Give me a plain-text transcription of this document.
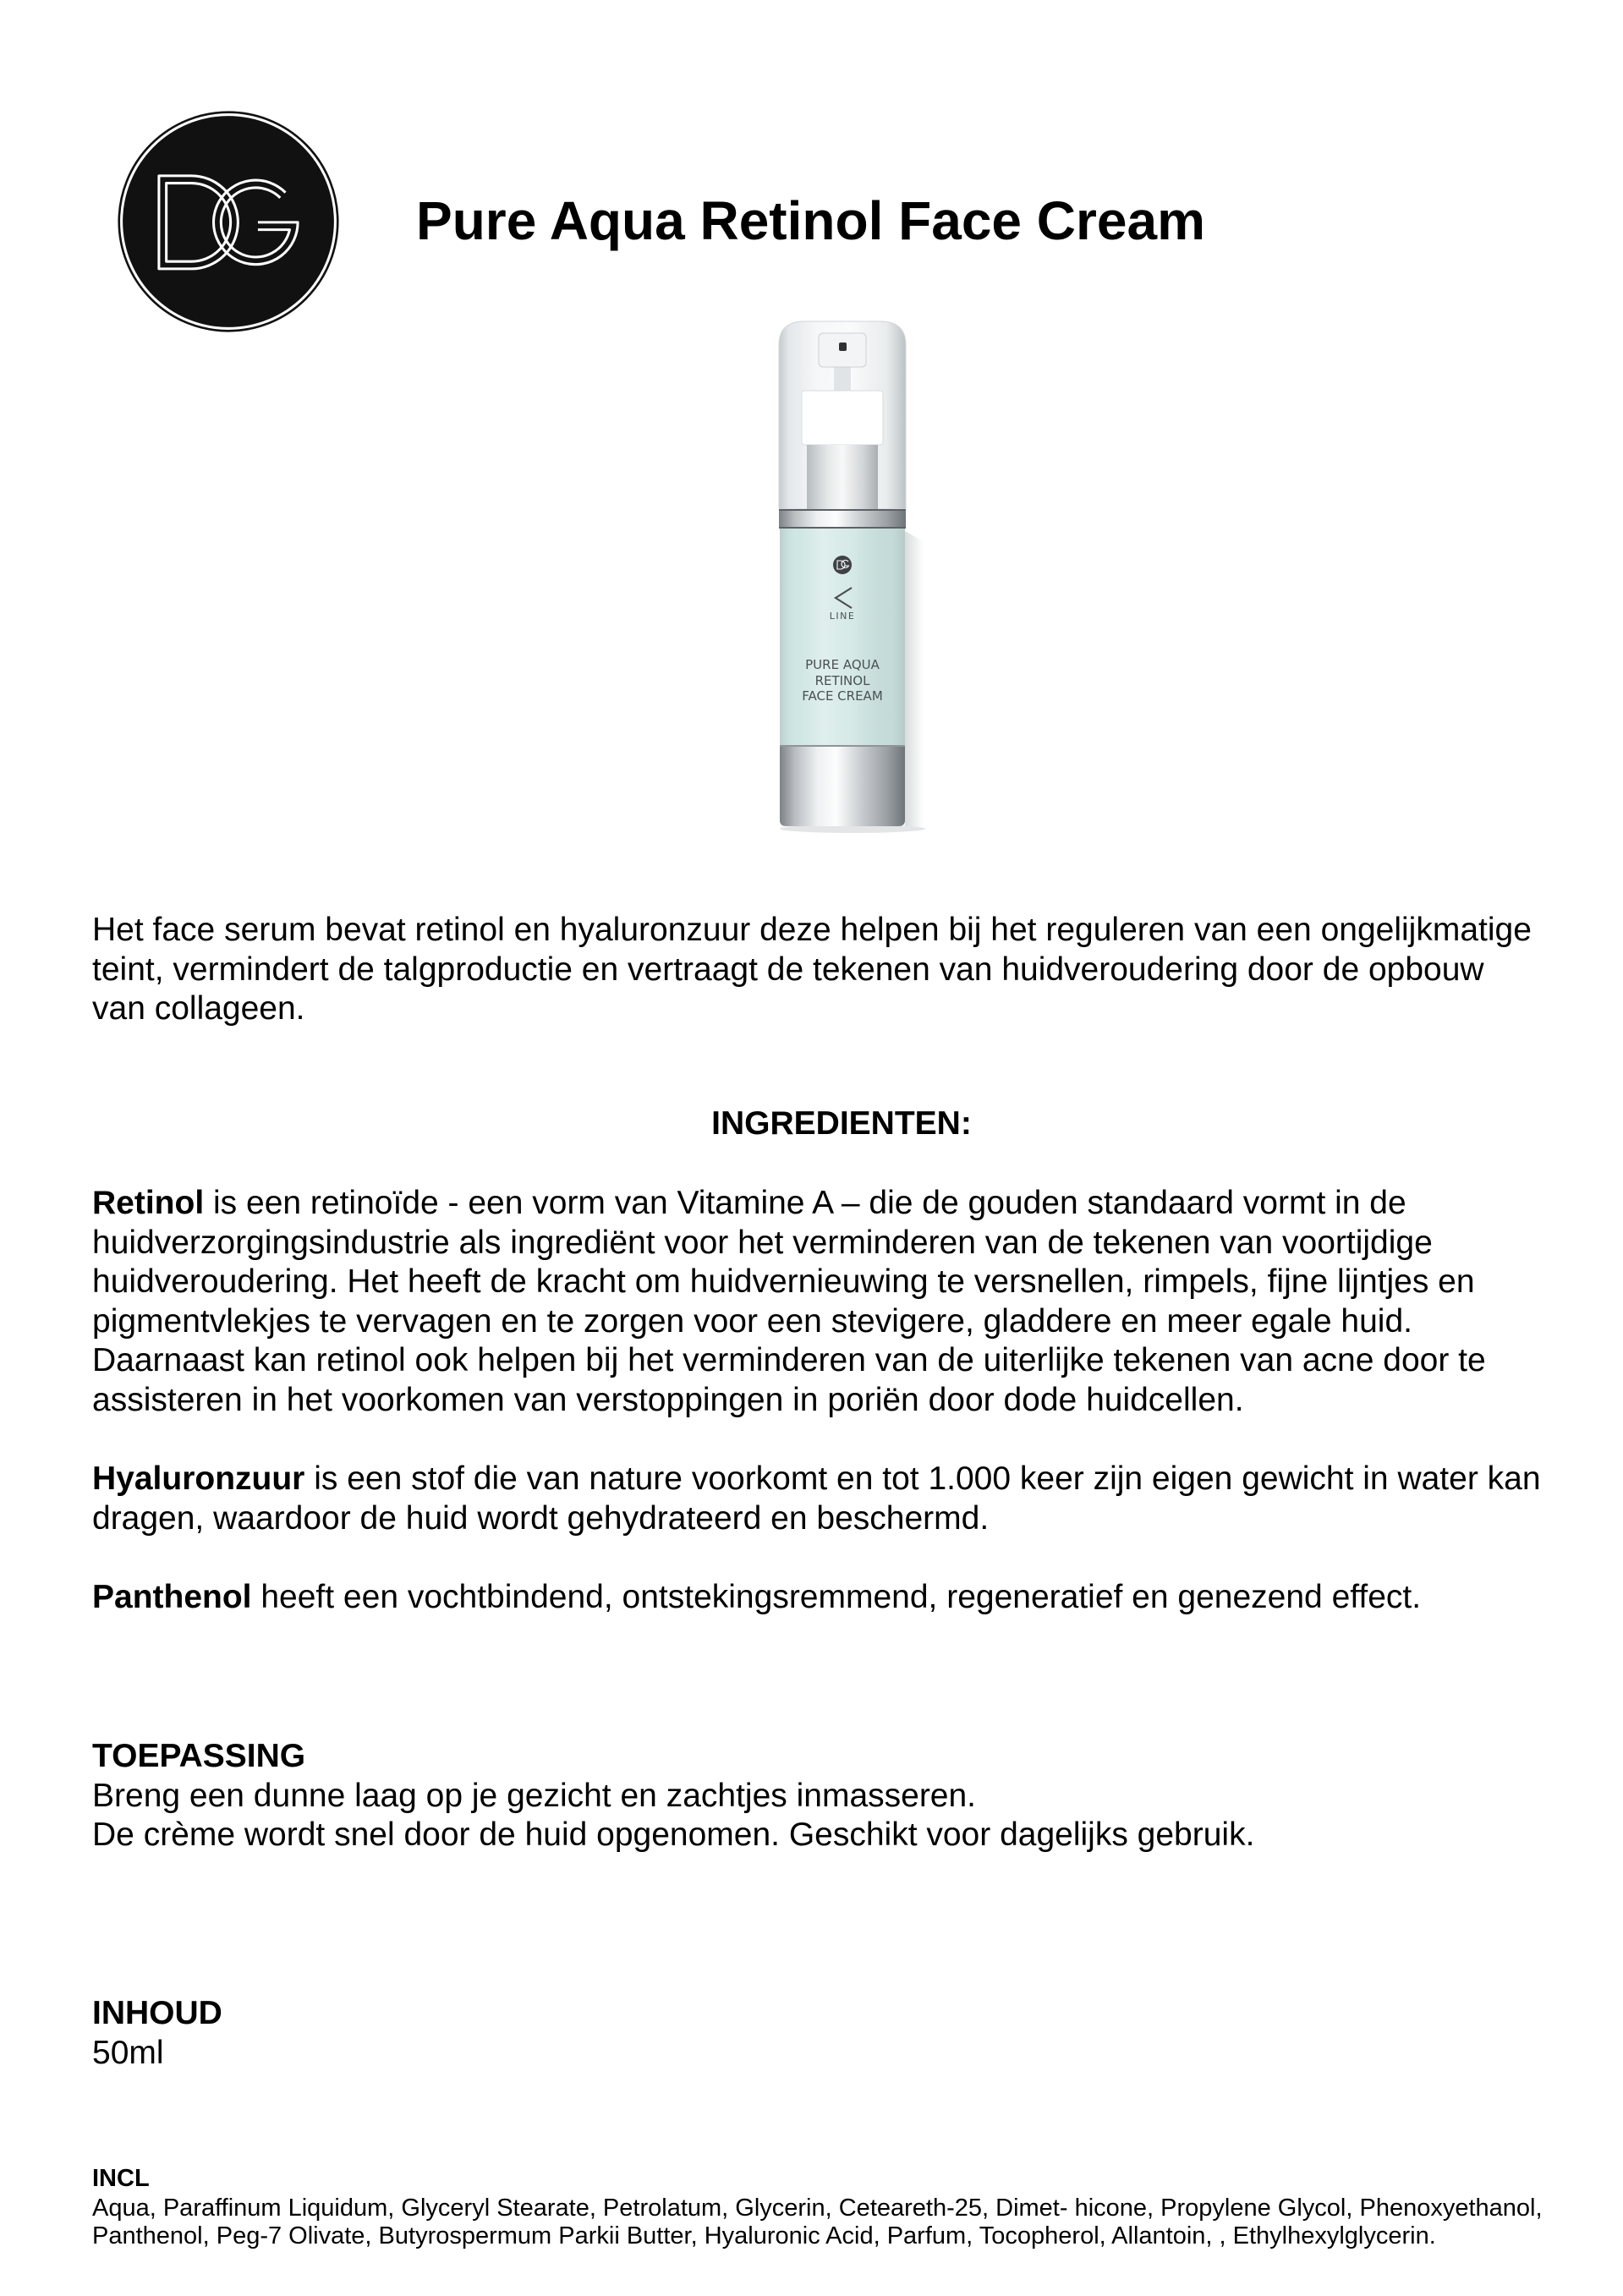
Pure Aqua Retinol Face Cream
LINE
PURE AQUA
RETINOL
FACE CREAM
Het face serum bevat retinol en hyaluronzuur deze helpen bij het reguleren van een ongelijkmatige
teint, vermindert de talgproductie en vertraagt de tekenen van huidveroudering door de opbouw
van collageen.
INGREDIENTEN:
Retinol is een retinoïde - een vorm van Vitamine A – die de gouden standaard vormt in de
huidverzorgingsindustrie als ingrediënt voor het verminderen van de tekenen van voortijdige
huidveroudering. Het heeft de kracht om huidvernieuwing te versnellen, rimpels, fijne lijntjes en
pigmentvlekjes te vervagen en te zorgen voor een stevigere, gladdere en meer egale huid.
Daarnaast kan retinol ook helpen bij het verminderen van de uiterlijke tekenen van acne door te
assisteren in het voorkomen van verstoppingen in poriën door dode huidcellen.
Hyaluronzuur is een stof die van nature voorkomt en tot 1.000 keer zijn eigen gewicht in water kan
dragen, waardoor de huid wordt gehydrateerd en beschermd.
Panthenol heeft een vochtbindend, ontstekingsremmend, regeneratief en genezend effect.
TOEPASSING
Breng een dunne laag op je gezicht en zachtjes inmasseren.
De crème wordt snel door de huid opgenomen. Geschikt voor dagelijks gebruik.
INHOUD
50ml
INCL
Aqua, Paraffinum Liquidum, Glyceryl Stearate, Petrolatum, Glycerin, Ceteareth-25, Dimet- hicone, Propylene Glycol, Phenoxyethanol,
Panthenol, Peg-7 Olivate, Butyrospermum Parkii Butter, Hyaluronic Acid, Parfum, Tocopherol, Allantoin, , Ethylhexylglycerin.
